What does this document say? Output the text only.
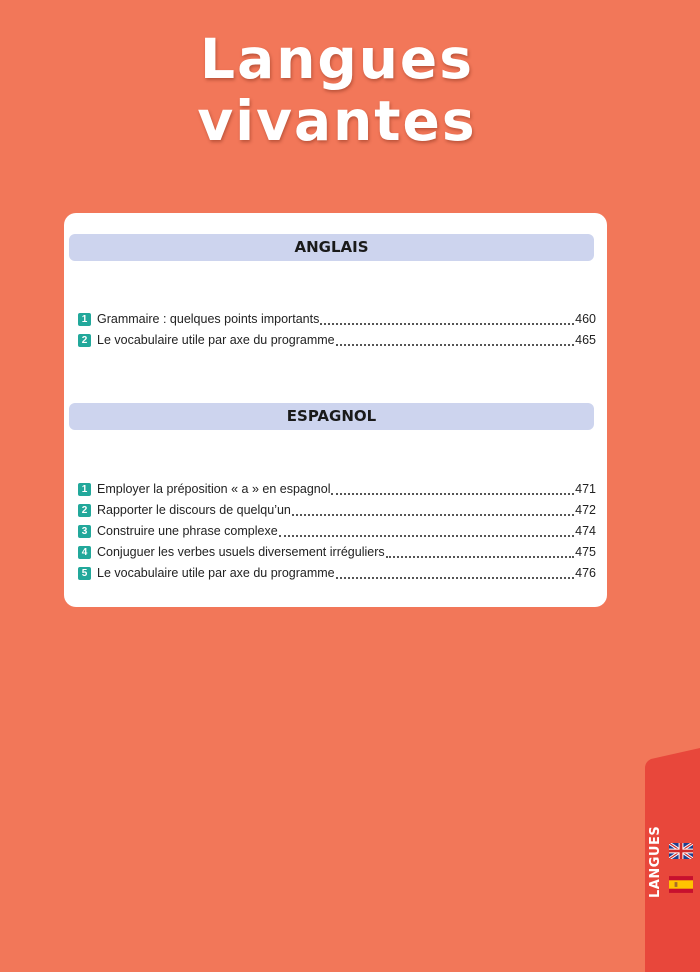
Langues
vivantes
ANGLAIS
1 Grammaire : quelques points importants	460
2 Le vocabulaire utile par axe du programme	465
ESPAGNOL
1 Employer la préposition « a » en espagnol	471
2 Rapporter le discours de quelqu’un	472
3 Construire une phrase complexe	474
4 Conjuguer les verbes usuels diversement irréguliers	475
5 Le vocabulaire utile par axe du programme	476
LANGUES
